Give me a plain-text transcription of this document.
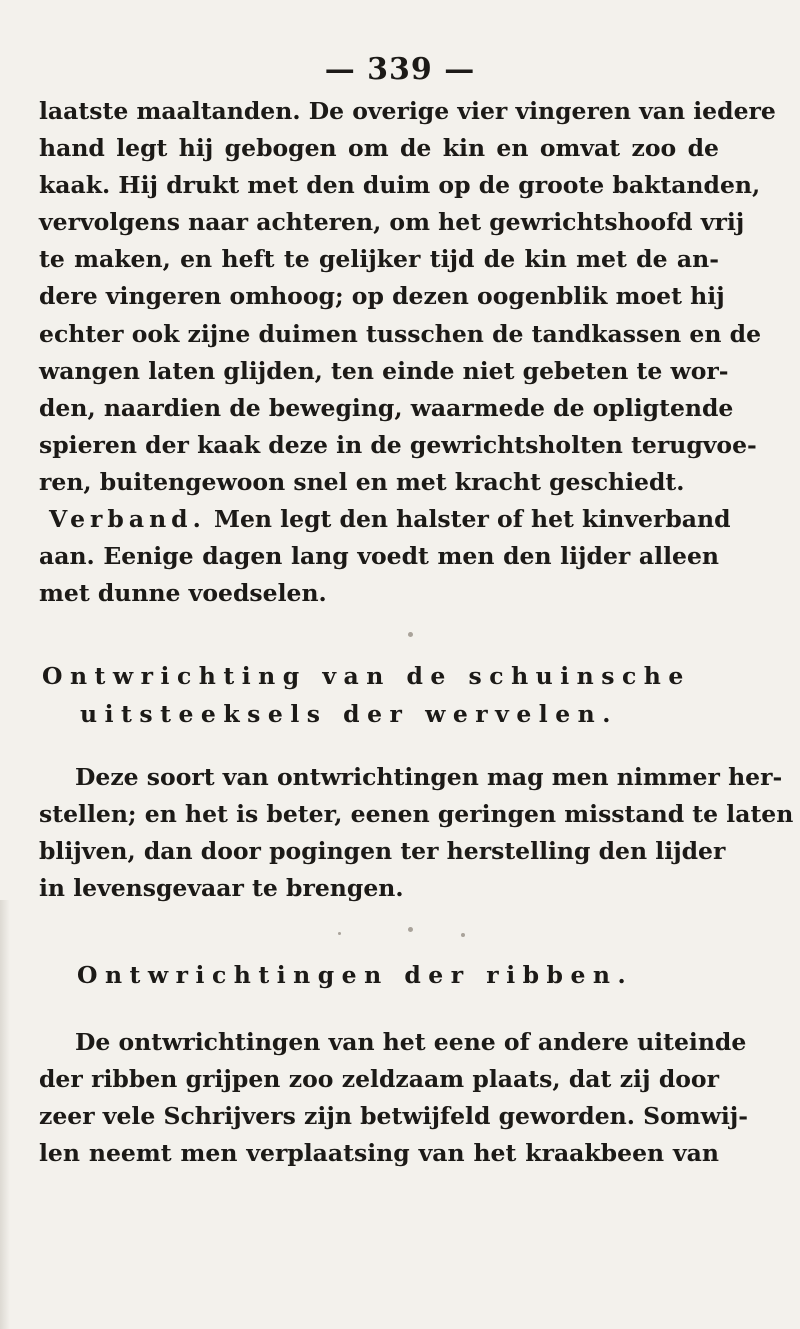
— 339 —
laatste maaltanden. De overige vier vingeren van iedere
hand legt hij gebogen om de kin en omvat zoo de
kaak. Hij drukt met den duim op de groote baktanden,
vervolgens naar achteren, om het gewrichtshoofd vrij
te maken, en heft te gelijker tijd de kin met de an-
dere vingeren omhoog; op dezen oogenblik moet hij
echter ook zijne duimen tusschen de tandkassen en de
wangen laten glijden, ten einde niet gebeten te wor-
den, naardien de beweging, waarmede de opligtende
spieren der kaak deze in de gewrichtsholten terugvoe-
ren, buitengewoon snel en met kracht geschiedt.
Verband. Men legt den halster of het kinverband
aan. Eenige dagen lang voedt men den lijder alleen
met dunne voedselen.
Ontwrichting van de schuinsche
uitsteeksels der wervelen.
Deze soort van ontwrichtingen mag men nimmer her-
stellen; en het is beter, eenen geringen misstand te laten
blijven, dan door pogingen ter herstelling den lijder
in levensgevaar te brengen.
Ontwrichtingen der ribben.
De ontwrichtingen van het eene of andere uiteinde
der ribben grijpen zoo zeldzaam plaats, dat zij door
zeer vele Schrijvers zijn betwijfeld geworden. Somwij-
len neemt men verplaatsing van het kraakbeen van
